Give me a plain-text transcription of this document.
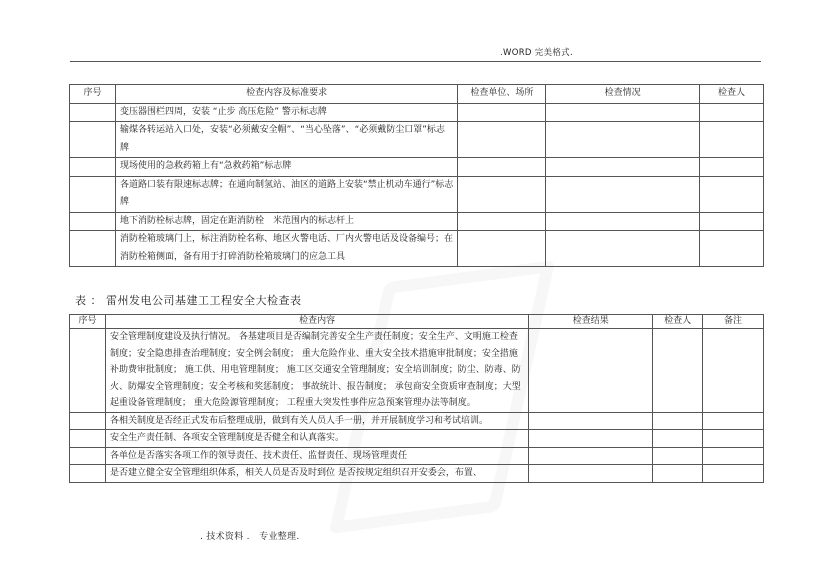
.WORD 完美格式.
序号	检查内容及标准要求	检查单位、场所	检查情况	检查人
	变压器围栏四周，安装 “止步 高压危险” 警示标志牌			
	输煤各转运站入口处，安装“必须戴安全帽”、“当心坠落”、“必须戴防尘口罩”标志牌			
	现场使用的急救药箱上有“急救药箱”标志牌			
	各道路口装有限速标志牌；在通向制氢站、油区的道路上安装“禁止机动车通行”标志牌			
	地下消防栓标志牌，固定在距消防栓　米范围内的标志杆上			
	消防栓箱玻璃门上，标注消防栓名称、地区火警电话、厂内火警电话及设备编号；在消防栓箱侧面，备有用于打碎消防栓箱玻璃门的应急工具			
表 ： 雷州发电公司基建工工程安全大检查表
序号	检查内容	检查结果	检查人	备注
	安全管理制度建设及执行情况。 各基建项目是否编制完善安全生产责任制度；安全生产、文明施工检查制度；安全隐患排查治理制度；安全例会制度； 重大危险作业、重大安全技术措施审批制度；安全措施补助费审批制度； 施工供、用电管理制度； 施工区交通安全管理制度；安全培训制度；防尘、防毒、防火、防爆安全管理制度；安全考核和奖惩制度； 事故统计、报告制度； 承包商安全资质审查制度；大型起重设备管理制度； 重大危险源管理制度； 工程重大突发性事件应急预案管理办法等制度。			
	各相关制度是否经正式发布后整理成册，做到有关人员人手一册，并开展制度学习和考试培训。			
	安全生产责任制、各项安全管理制度是否健全和认真落实。			
	各单位是否落实各项工作的领导责任、技术责任、监督责任、现场管理责任			
	是否建立健全安全管理组织体系，相关人员是否及时到位 是否按规定组织召开安委会，布置、			
. 技术资料 .　专业整理.
